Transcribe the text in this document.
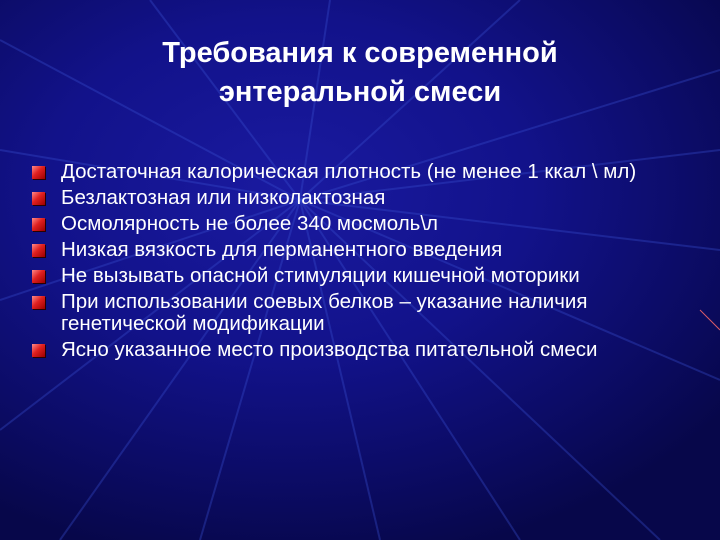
Требования к современной
энтеральной смеси
Достаточная калорическая плотность (не менее 1 ккал \ мл)
Безлактозная или низколактозная
Осмолярность не более 340 мосмоль\л
Низкая вязкость для перманентного введения
Не вызывать опасной стимуляции кишечной моторики
При использовании соевых белков – указание наличия генетической модификации
Ясно указанное место производства питательной смеси
